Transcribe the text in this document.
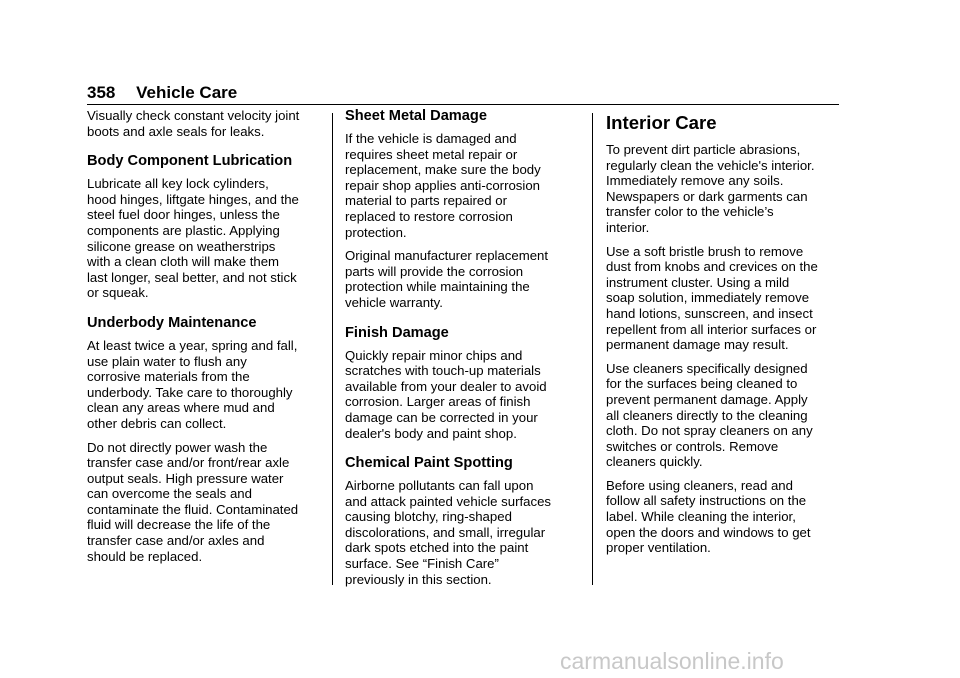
358 Vehicle Care
Visually check constant velocity joint
boots and axle seals for leaks.
Body Component Lubrication
Lubricate all key lock cylinders,
hood hinges, liftgate hinges, and the
steel fuel door hinges, unless the
components are plastic. Applying
silicone grease on weatherstrips
with a clean cloth will make them
last longer, seal better, and not stick
or squeak.
Underbody Maintenance
At least twice a year, spring and fall,
use plain water to flush any
corrosive materials from the
underbody. Take care to thoroughly
clean any areas where mud and
other debris can collect.
Do not directly power wash the
transfer case and/or front/rear axle
output seals. High pressure water
can overcome the seals and
contaminate the fluid. Contaminated
fluid will decrease the life of the
transfer case and/or axles and
should be replaced.
Sheet Metal Damage
If the vehicle is damaged and
requires sheet metal repair or
replacement, make sure the body
repair shop applies anti-corrosion
material to parts repaired or
replaced to restore corrosion
protection.
Original manufacturer replacement
parts will provide the corrosion
protection while maintaining the
vehicle warranty.
Finish Damage
Quickly repair minor chips and
scratches with touch-up materials
available from your dealer to avoid
corrosion. Larger areas of finish
damage can be corrected in your
dealer's body and paint shop.
Chemical Paint Spotting
Airborne pollutants can fall upon
and attack painted vehicle surfaces
causing blotchy, ring-shaped
discolorations, and small, irregular
dark spots etched into the paint
surface. See “Finish Care”
previously in this section.
Interior Care
To prevent dirt particle abrasions,
regularly clean the vehicle's interior.
Immediately remove any soils.
Newspapers or dark garments can
transfer color to the vehicle’s
interior.
Use a soft bristle brush to remove
dust from knobs and crevices on the
instrument cluster. Using a mild
soap solution, immediately remove
hand lotions, sunscreen, and insect
repellent from all interior surfaces or
permanent damage may result.
Use cleaners specifically designed
for the surfaces being cleaned to
prevent permanent damage. Apply
all cleaners directly to the cleaning
cloth. Do not spray cleaners on any
switches or controls. Remove
cleaners quickly.
Before using cleaners, read and
follow all safety instructions on the
label. While cleaning the interior,
open the doors and windows to get
proper ventilation.
carmanualsonline.info
